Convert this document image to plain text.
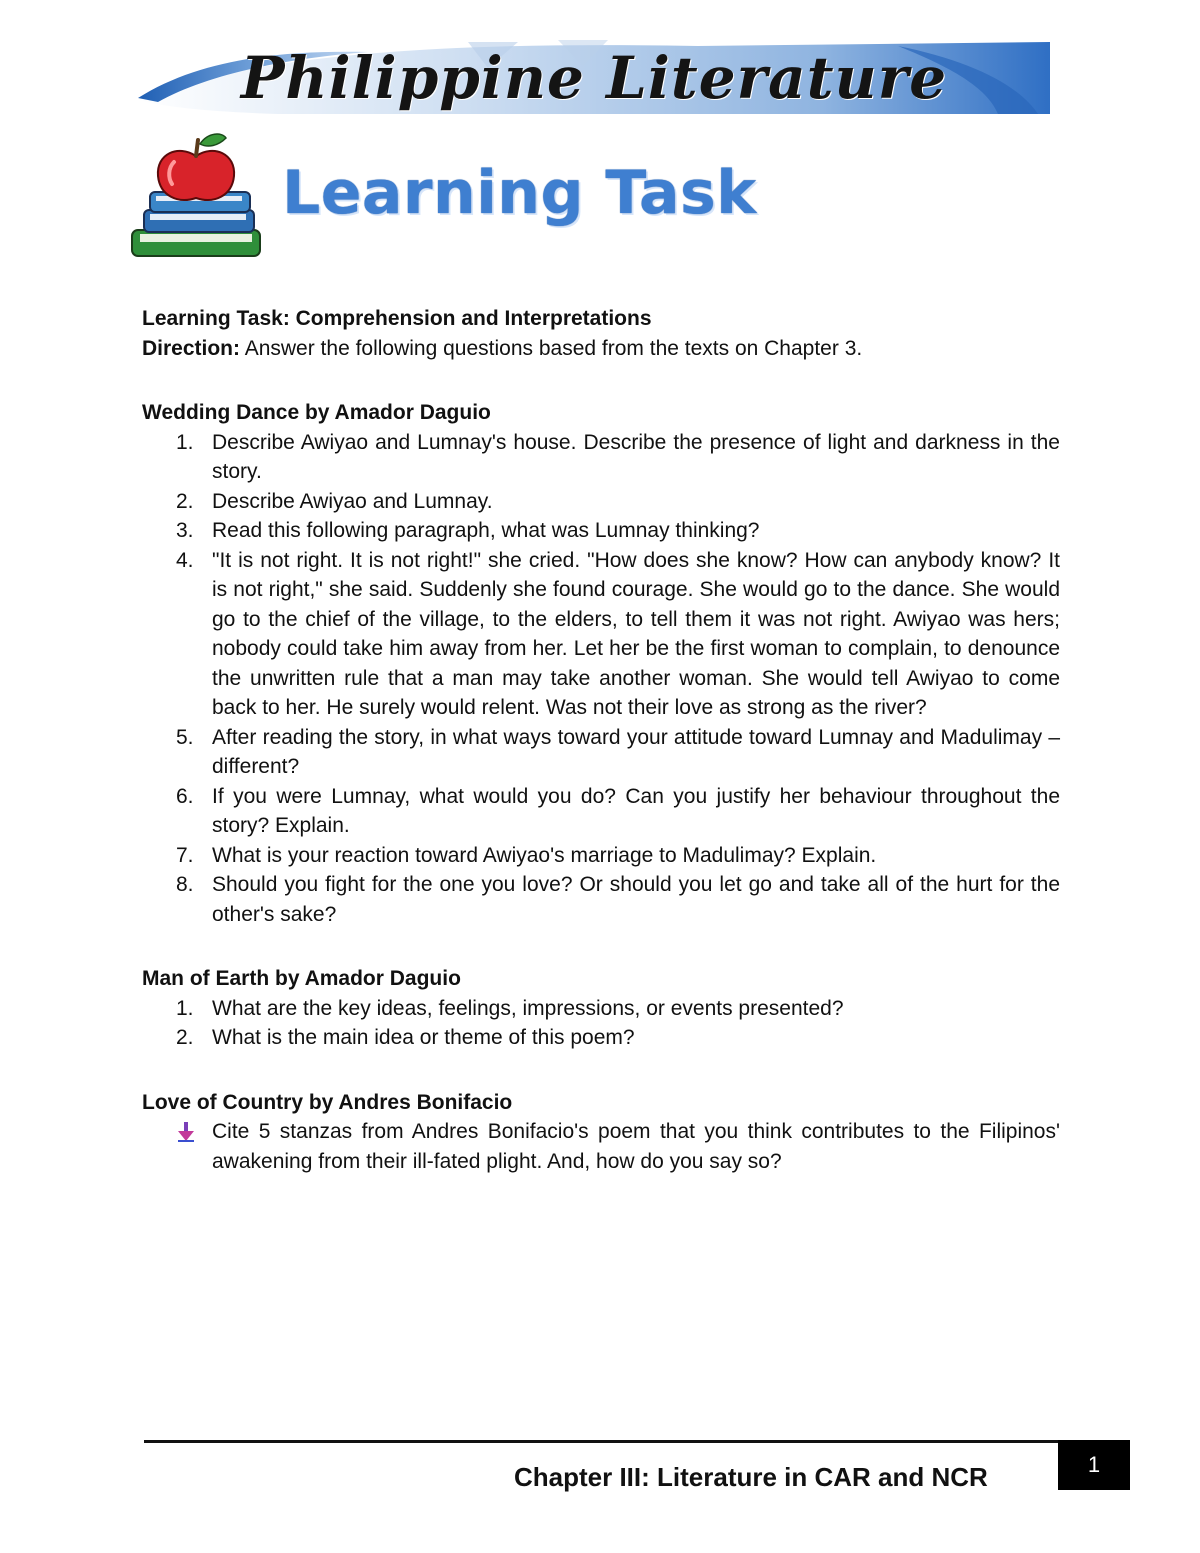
Philippine Literature
Learning Task
Learning Task: Comprehension and Interpretations
Direction: Answer the following questions based from the texts on Chapter 3.
Wedding Dance by Amador Daguio
1. Describe Awiyao and Lumnay's house. Describe the presence of light and darkness in the story.
2. Describe Awiyao and Lumnay.
3. Read this following paragraph, what was Lumnay thinking?
4. "It is not right. It is not right!" she cried. "How does she know? How can anybody know? It is not right," she said. Suddenly she found courage. She would go to the dance. She would go to the chief of the village, to the elders, to tell them it was not right. Awiyao was hers; nobody could take him away from her. Let her be the first woman to complain, to denounce the unwritten rule that a man may take another woman. She would tell Awiyao to come back to her. He surely would relent. Was not their love as strong as the river?
5. After reading the story, in what ways toward your attitude toward Lumnay and Madulimay – different?
6. If you were Lumnay, what would you do? Can you justify her behaviour throughout the story? Explain.
7. What is your reaction toward Awiyao's marriage to Madulimay? Explain.
8. Should you fight for the one you love? Or should you let go and take all of the hurt for the other's sake?
Man of Earth by Amador Daguio
1. What are the key ideas, feelings, impressions, or events presented?
2. What is the main idea or theme of this poem?
Love of Country by Andres Bonifacio
Cite 5 stanzas from Andres Bonifacio's poem that you think contributes to the Filipinos' awakening from their ill-fated plight. And, how do you say so?
Chapter III: Literature in CAR and NCR	1
